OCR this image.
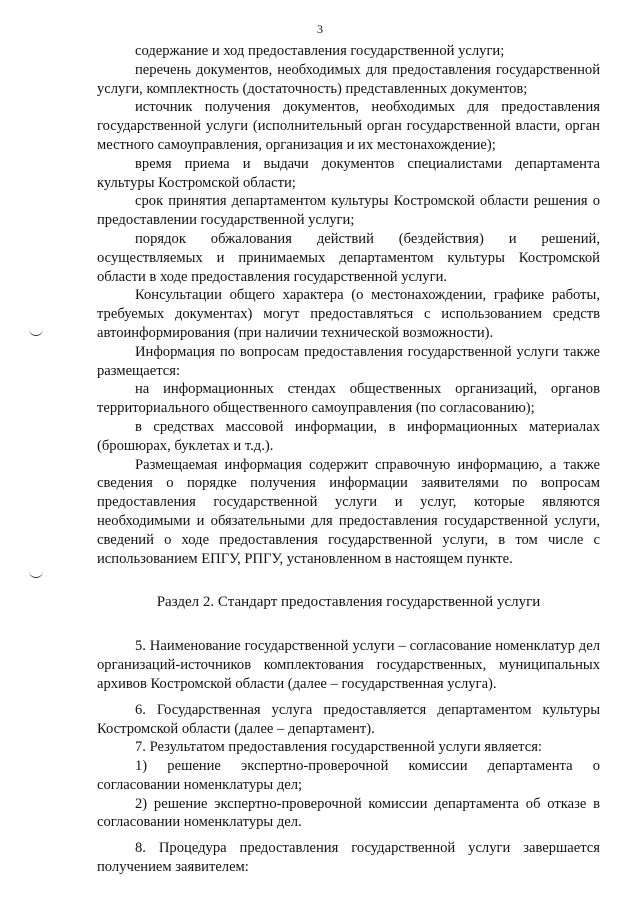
3

содержание и ход предоставления государственной услуги;

перечень документов, необходимых для предоставления государственной услуги, комплектность (достаточность) представленных документов;

источник получения документов, необходимых для предоставления государственной услуги (исполнительный орган государственной власти, орган местного самоуправления, организация и их местонахождение);

время приема и выдачи документов специалистами департамента культуры Костромской области;

срок принятия департаментом культуры Костромской области решения о предоставлении государственной услуги;

порядок обжалования действий (бездействия) и решений, осуществляемых и принимаемых департаментом культуры Костромской области в ходе предоставления государственной услуги.

Консультации общего характера (о местонахождении, графике работы, требуемых документах) могут предоставляться с использованием средств автоинформирования (при наличии технической возможности).

Информация по вопросам предоставления государственной услуги также размещается:

на информационных стендах общественных организаций, органов территориального общественного самоуправления (по согласованию);

в средствах массовой информации, в информационных материалах (брошюрах, буклетах и т.д.).

Размещаемая информация содержит справочную информацию, а также сведения о порядке получения информации заявителями по вопросам предоставления государственной услуги и услуг, которые являются необходимыми и обязательными для предоставления государственной услуги, сведений о ходе предоставления государственной услуги, в том числе с использованием ЕПГУ, РПГУ, установленном в настоящем пункте.

Раздел 2. Стандарт предоставления государственной услуги

5. Наименование государственной услуги – согласование номенклатур дел организаций-источников комплектования государственных, муниципальных архивов Костромской области (далее – государственная услуга).

6. Государственная услуга предоставляется департаментом культуры Костромской области (далее – департамент).

7. Результатом предоставления государственной услуги является:

1) решение экспертно-проверочной комиссии департамента о согласовании номенклатуры дел;

2) решение экспертно-проверочной комиссии департамента об отказе в согласовании номенклатуры дел.

8. Процедура предоставления государственной услуги завершается получением заявителем:
